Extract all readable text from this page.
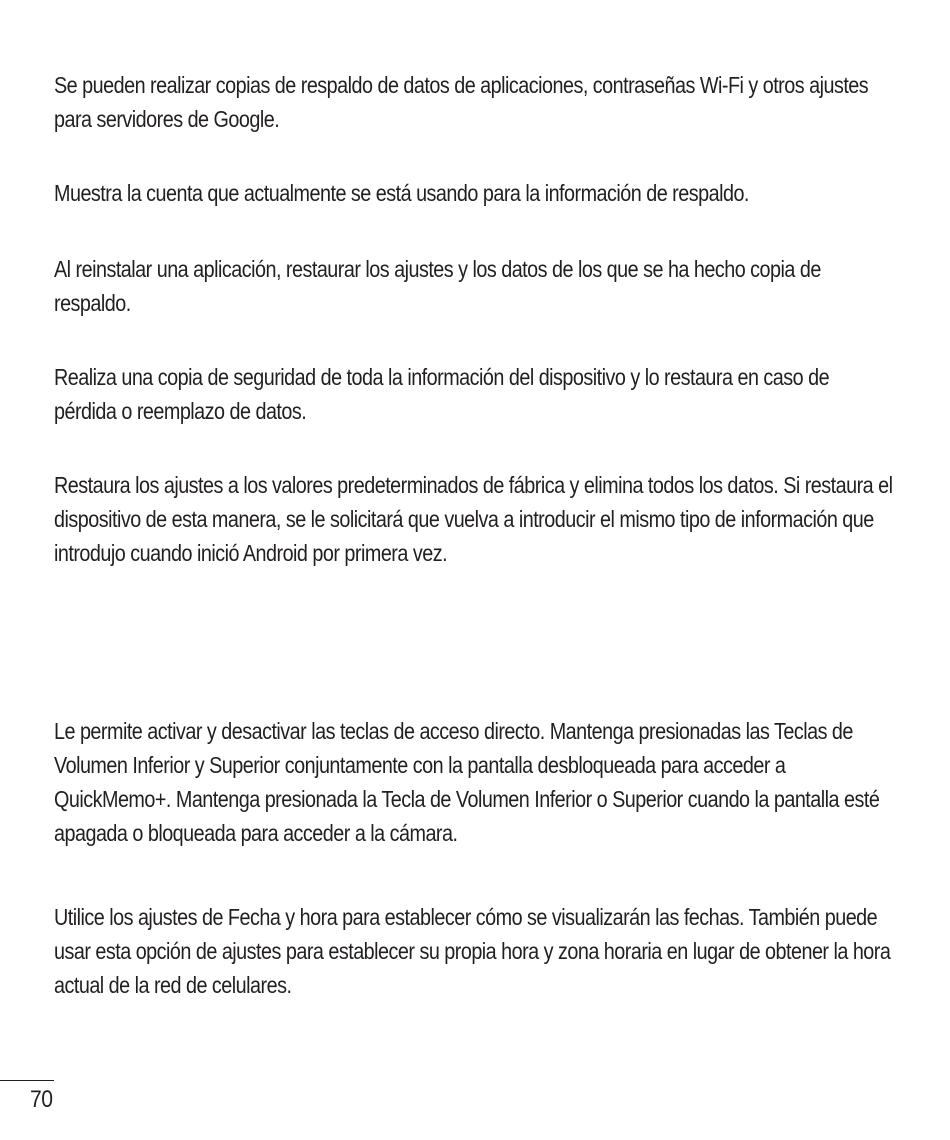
Se pueden realizar copias de respaldo de datos de aplicaciones, contraseñas Wi-Fi y otros ajustes para servidores de Google.

Muestra la cuenta que actualmente se está usando para la información de respaldo.

Al reinstalar una aplicación, restaurar los ajustes y los datos de los que se ha hecho copia de respaldo.

Realiza una copia de seguridad de toda la información del dispositivo y lo restaura en caso de pérdida o reemplazo de datos.

Restaura los ajustes a los valores predeterminados de fábrica y elimina todos los datos. Si restaura el dispositivo de esta manera, se le solicitará que vuelva a introducir el mismo tipo de información que introdujo cuando inició Android por primera vez.

Le permite activar y desactivar las teclas de acceso directo. Mantenga presionadas las Teclas de Volumen Inferior y Superior conjuntamente con la pantalla desbloqueada para acceder a QuickMemo+. Mantenga presionada la Tecla de Volumen Inferior o Superior cuando la pantalla esté apagada o bloqueada para acceder a la cámara.

Utilice los ajustes de Fecha y hora para establecer cómo se visualizarán las fechas. También puede usar esta opción de ajustes para establecer su propia hora y zona horaria en lugar de obtener la hora actual de la red de celulares.

70
